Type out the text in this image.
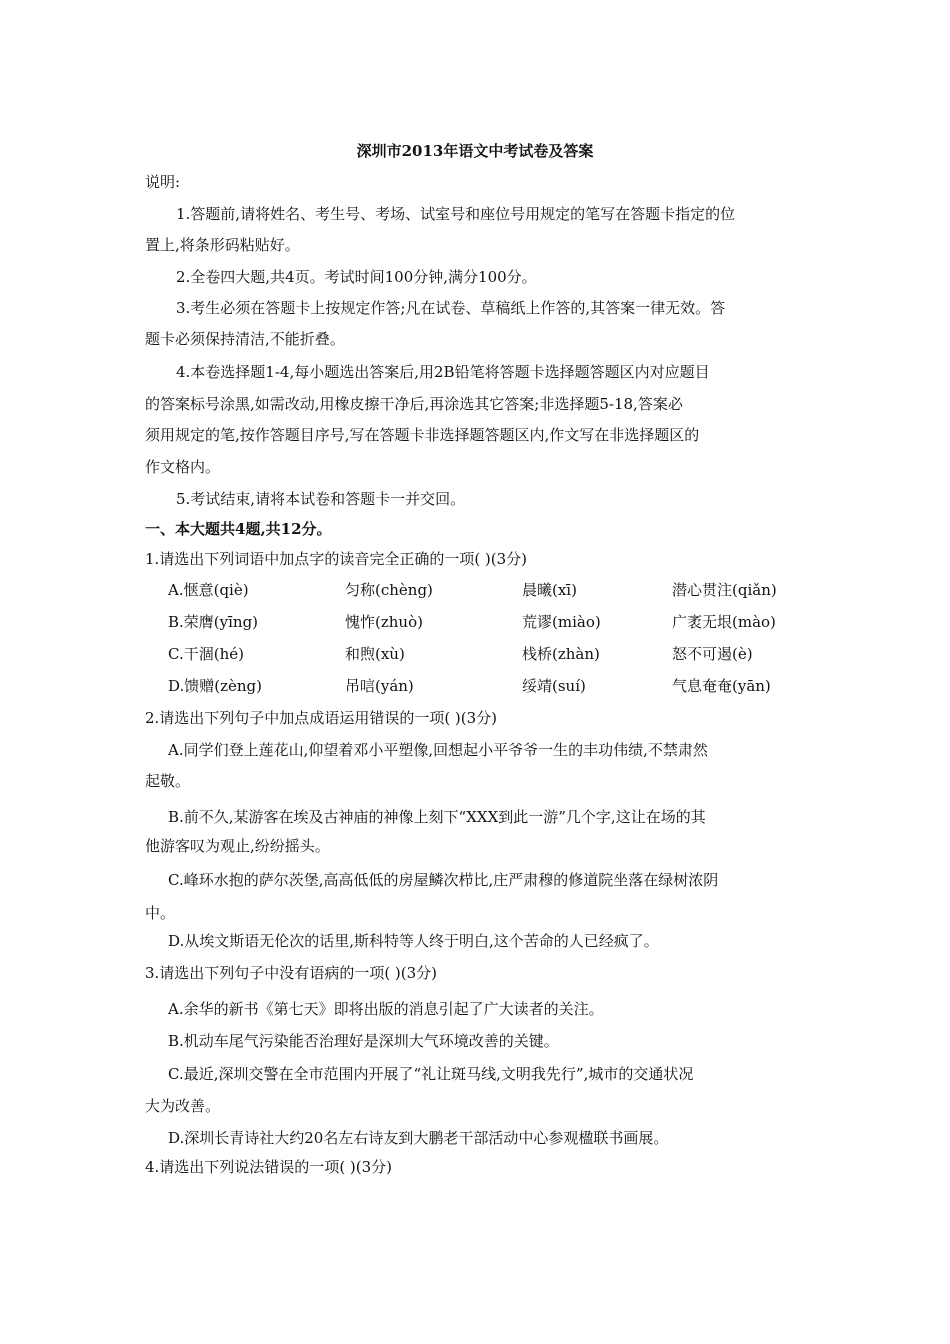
深圳市2013年语文中考试卷及答案
说明:
1.答题前,请将姓名、考生号、考场、试室号和座位号用规定的笔写在答题卡指定的位
置上,将条形码粘贴好。
2.全卷四大题,共4页。考试时间100分钟,满分100分。
3.考生必须在答题卡上按规定作答;凡在试卷、草稿纸上作答的,其答案一律无效。答
题卡必须保持清洁,不能折叠。
4.本卷选择题1-4,每小题选出答案后,用2B铅笔将答题卡选择题答题区内对应题目
的答案标号涂黑,如需改动,用橡皮擦干净后,再涂选其它答案;非选择题5-18,答案必
须用规定的笔,按作答题目序号,写在答题卡非选择题答题区内,作文写在非选择题区的
作文格内。
5.考试结束,请将本试卷和答题卡一并交回。
一、本大题共4题,共12分。
1.请选出下列词语中加点字的读音完全正确的一项( )(3分)
A.惬意(qiè)	匀称(chèng)	晨曦(xī)	潜心贯注(qiǎn)
B.荣膺(yīng)	愧怍(zhuò)	荒谬(miào)	广袤无垠(mào)
C.干涸(hé)	和煦(xù)	栈桥(zhàn)	怒不可遏(è)
D.馈赠(zèng)	吊唁(yán)	绥靖(suí)	气息奄奄(yān)
2.请选出下列句子中加点成语运用错误的一项( )(3分)
A.同学们登上莲花山,仰望着邓小平塑像,回想起小平爷爷一生的丰功伟绩,不禁肃然
起敬。
B.前不久,某游客在埃及古神庙的神像上刻下“XXX到此一游”几个字,这让在场的其
他游客叹为观止,纷纷摇头。
C.峰环水抱的萨尔茨堡,高高低低的房屋鳞次栉比,庄严肃穆的修道院坐落在绿树浓阴
中。
D.从埃文斯语无伦次的话里,斯科特等人终于明白,这个苦命的人已经疯了。
3.请选出下列句子中没有语病的一项( )(3分)
A.余华的新书《第七天》即将出版的消息引起了广大读者的关注。
B.机动车尾气污染能否治理好是深圳大气环境改善的关键。
C.最近,深圳交警在全市范围内开展了“礼让斑马线,文明我先行”,城市的交通状况
大为改善。
D.深圳长青诗社大约20名左右诗友到大鹏老干部活动中心参观楹联书画展。
4.请选出下列说法错误的一项( )(3分)
